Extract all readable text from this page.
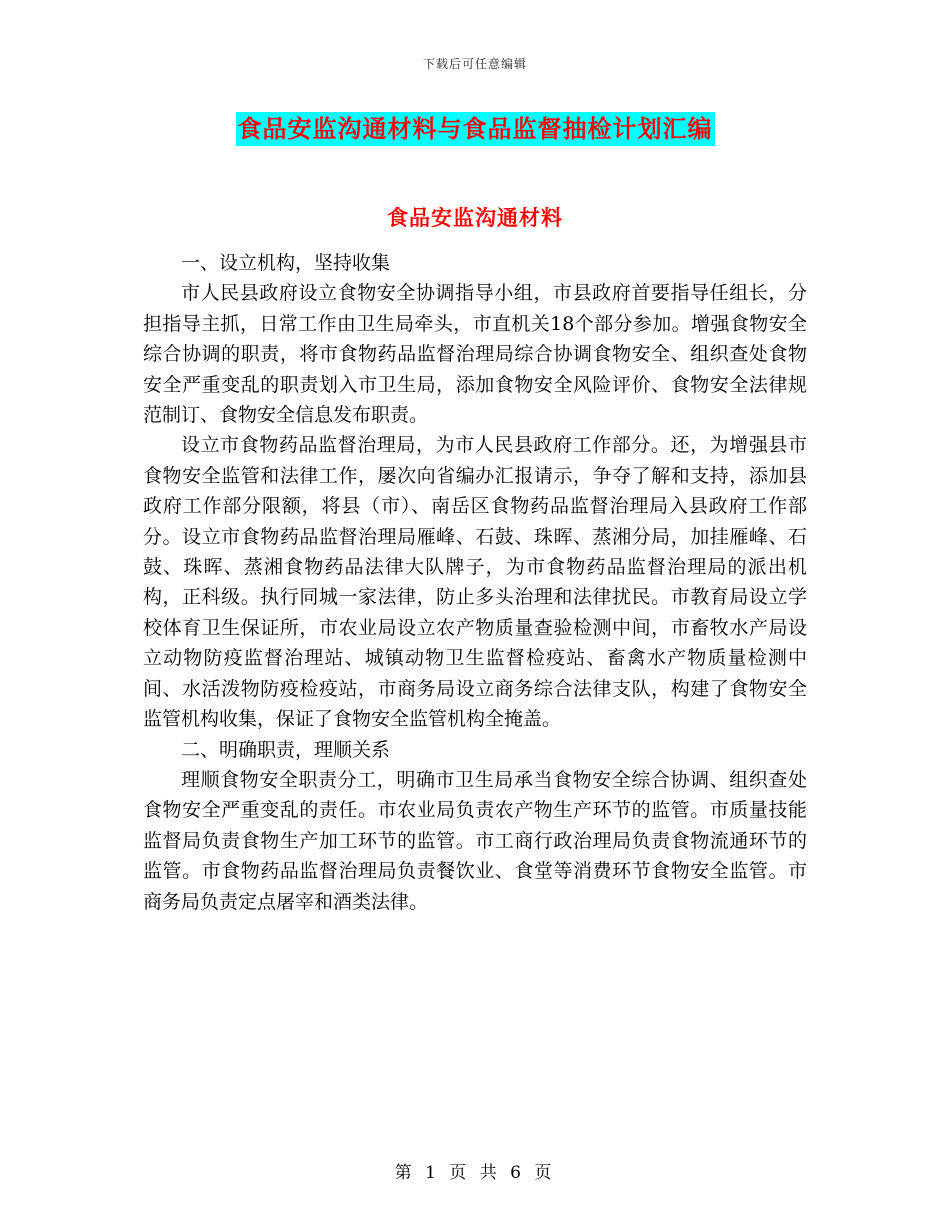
下载后可任意编辑
食品安监沟通材料与食品监督抽检计划汇编
食品安监沟通材料

一、设立机构，坚持收集

市人民县政府设立食物安全协调指导小组，市县政府首要指导任组长，分担指导主抓，日常工作由卫生局牵头，市直机关18个部分参加。增强食物安全综合协调的职责，将市食物药品监督治理局综合协调食物安全、组织查处食物安全严重变乱的职责划入市卫生局，添加食物安全风险评价、食物安全法律规范制订、食物安全信息发布职责。

设立市食物药品监督治理局，为市人民县政府工作部分。还，为增强县市食物安全监管和法律工作，屡次向省编办汇报请示，争夺了解和支持，添加县政府工作部分限额，将县（市）、南岳区食物药品监督治理局入县政府工作部分。设立市食物药品监督治理局雁峰、石鼓、珠晖、蒸湘分局，加挂雁峰、石鼓、珠晖、蒸湘食物药品法律大队牌子，为市食物药品监督治理局的派出机构，正科级。执行同城一家法律，防止多头治理和法律扰民。市教育局设立学校体育卫生保证所，市农业局设立农产物质量查验检测中间，市畜牧水产局设立动物防疫监督治理站、城镇动物卫生监督检疫站、畜禽水产物质量检测中间、水活泼物防疫检疫站，市商务局设立商务综合法律支队，构建了食物安全监管机构收集，保证了食物安全监管机构全掩盖。

二、明确职责，理顺关系

理顺食物安全职责分工，明确市卫生局承当食物安全综合协调、组织查处食物安全严重变乱的责任。市农业局负责农产物生产环节的监管。市质量技能监督局负责食物生产加工环节的监管。市工商行政治理局负责食物流通环节的监管。市食物药品监督治理局负责餐饮业、食堂等消费环节食物安全监管。市商务局负责定点屠宰和酒类法律。

第 1 页 共 6 页
